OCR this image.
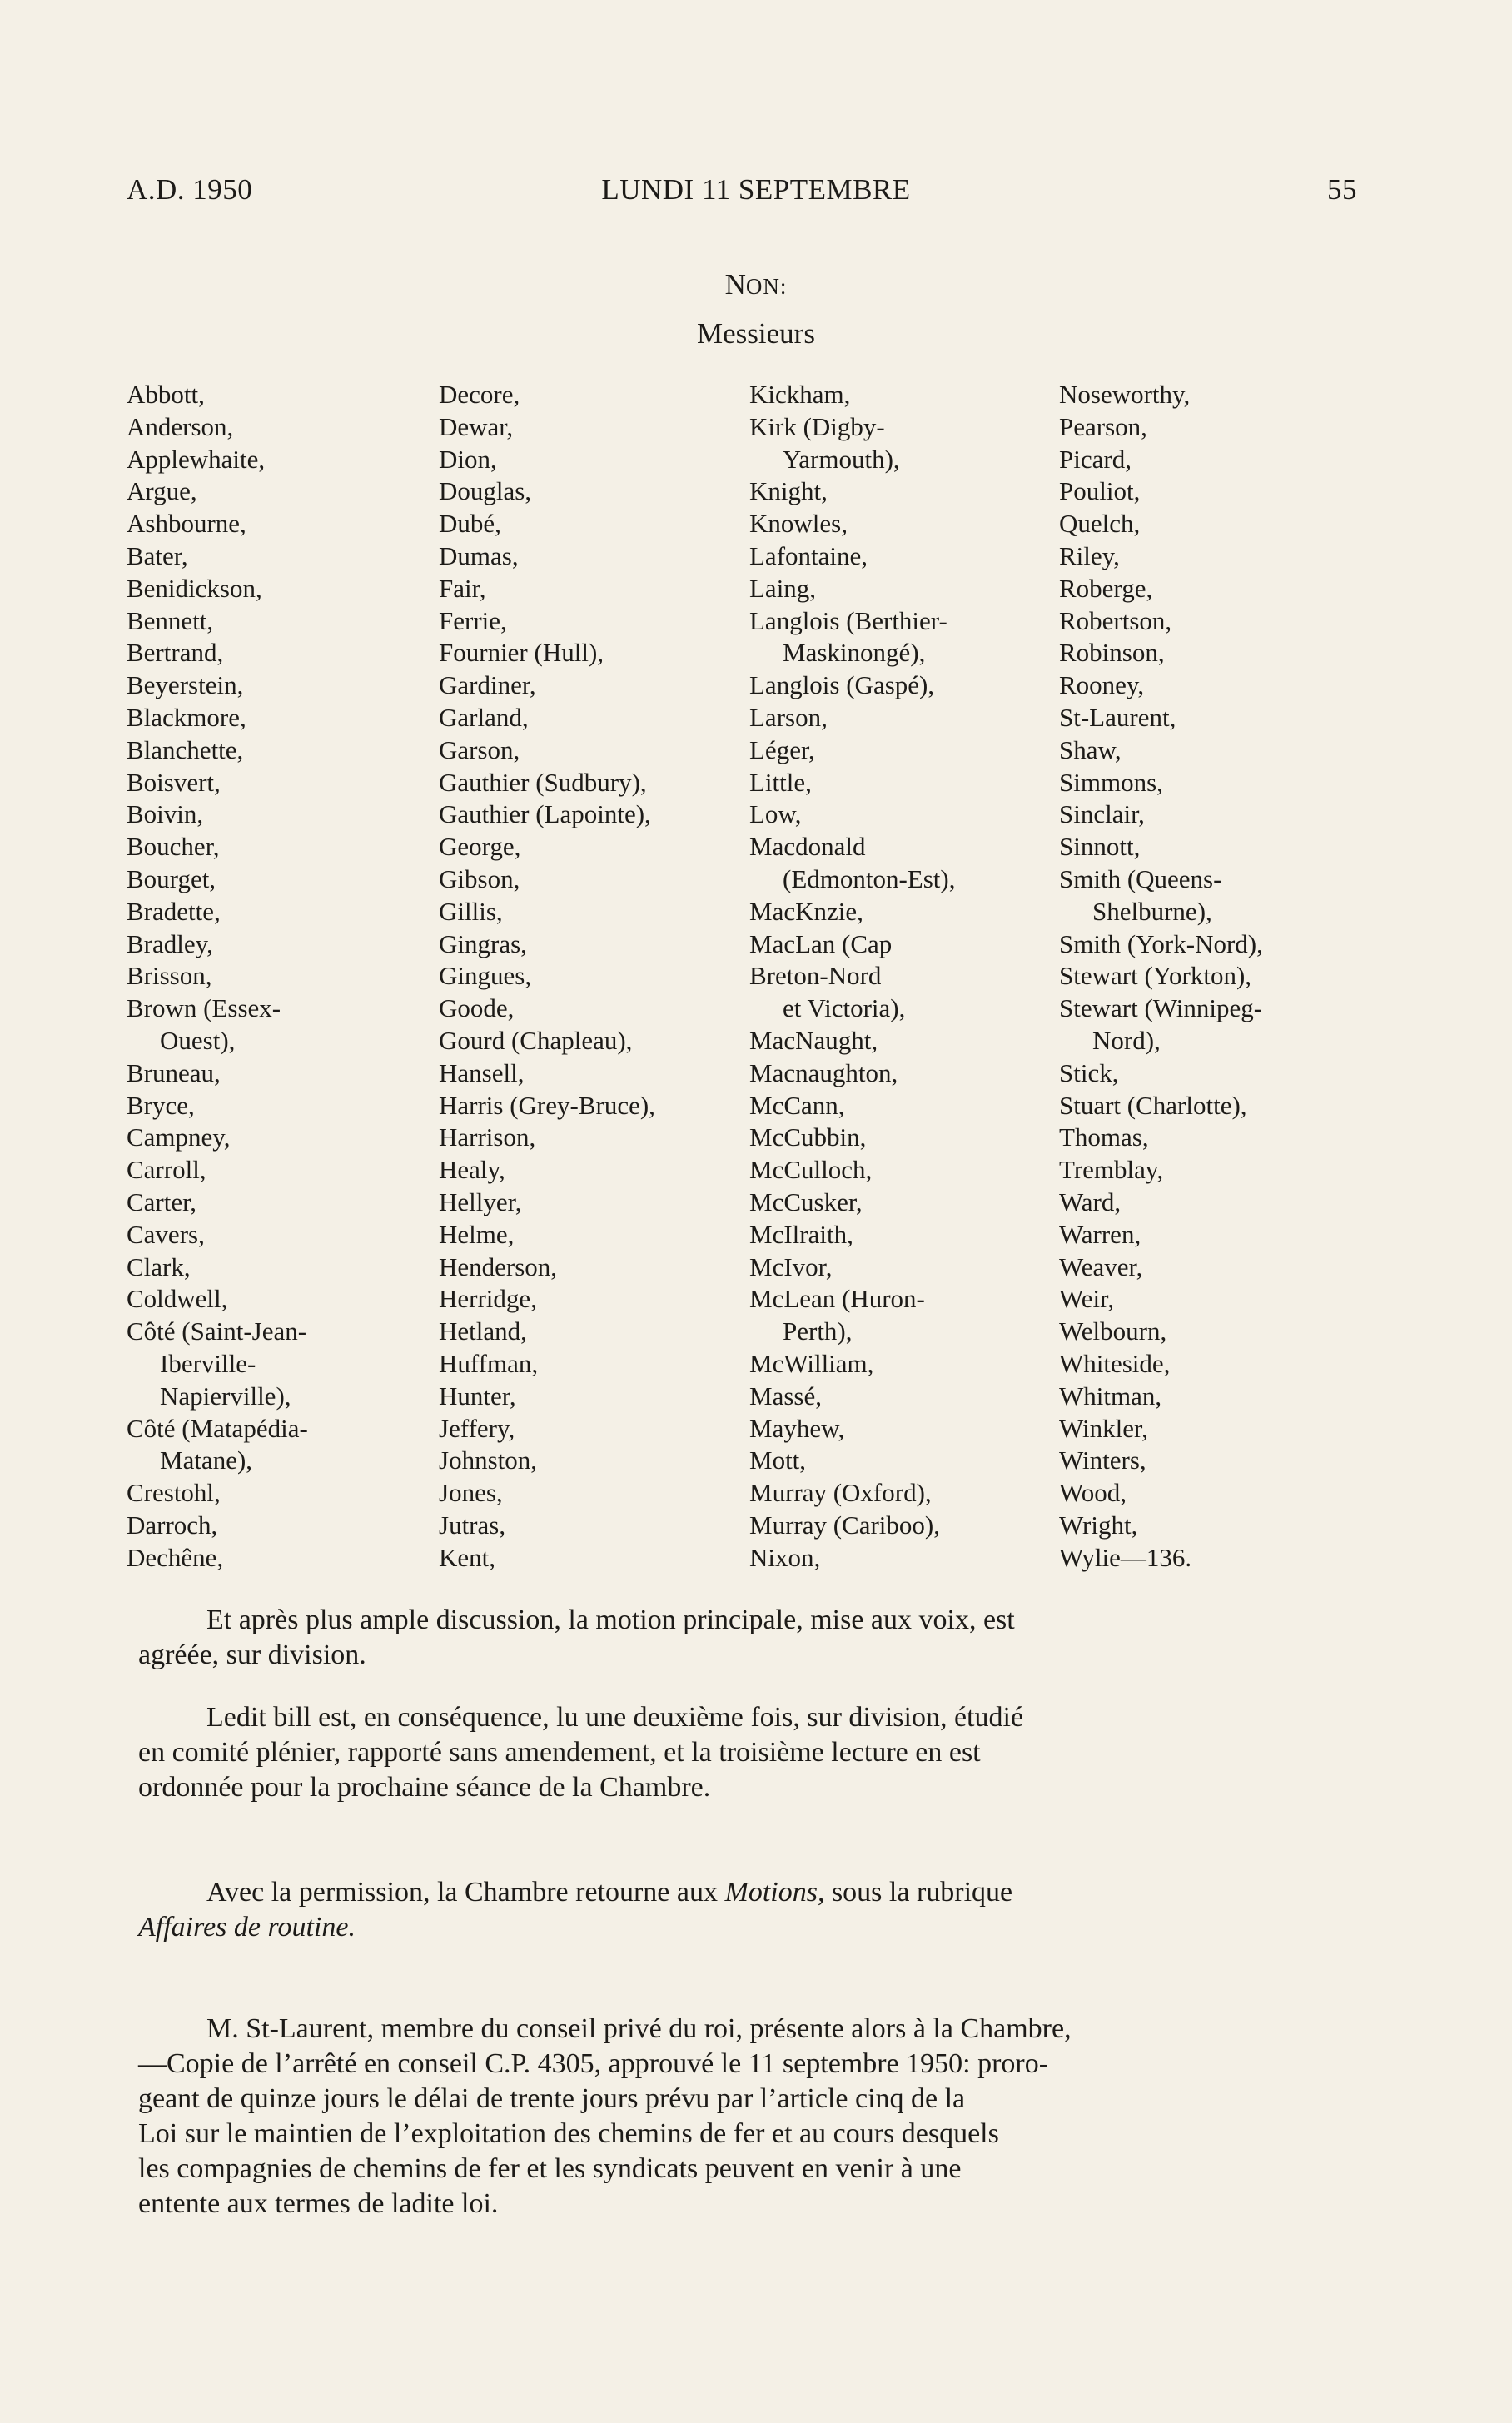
A.D. 1950	LUNDI 11 SEPTEMBRE	55
NON:
Messieurs
Abbott,
Anderson,
Applewhaite,
Argue,
Ashbourne,
Bater,
Benidickson,
Bennett,
Bertrand,
Beyerstein,
Blackmore,
Blanchette,
Boisvert,
Boivin,
Boucher,
Bourget,
Bradette,
Bradley,
Brisson,
Brown (Essex-
Ouest),
Bruneau,
Bryce,
Campney,
Carroll,
Carter,
Cavers,
Clark,
Coldwell,
Côté (Saint-Jean-
Iberville-
Napierville),
Côté (Matapédia-
Matane),
Crestohl,
Darroch,
Dechêne,
Decore,
Dewar,
Dion,
Douglas,
Dubé,
Dumas,
Fair,
Ferrie,
Fournier (Hull),
Gardiner,
Garland,
Garson,
Gauthier (Sudbury),
Gauthier (Lapointe),
George,
Gibson,
Gillis,
Gingras,
Gingues,
Goode,
Gourd (Chapleau),
Hansell,
Harris (Grey-Bruce),
Harrison,
Healy,
Hellyer,
Helme,
Henderson,
Herridge,
Hetland,
Huffman,
Hunter,
Jeffery,
Johnston,
Jones,
Jutras,
Kent,
Kickham,
Kirk (Digby-
Yarmouth),
Knight,
Knowles,
Lafontaine,
Laing,
Langlois (Berthier-
Maskinongé),
Langlois (Gaspé),
Larson,
Léger,
Little,
Low,
Macdonald
(Edmonton-Est),
MacKnzie,
MacLan (Cap
Breton-Nord
et Victoria),
MacNaught,
Macnaughton,
McCann,
McCubbin,
McCulloch,
McCusker,
McIlraith,
McIvor,
McLean (Huron-
Perth),
McWilliam,
Massé,
Mayhew,
Mott,
Murray (Oxford),
Murray (Cariboo),
Nixon,
Noseworthy,
Pearson,
Picard,
Pouliot,
Quelch,
Riley,
Roberge,
Robertson,
Robinson,
Rooney,
St-Laurent,
Shaw,
Simmons,
Sinclair,
Sinnott,
Smith (Queens-
Shelburne),
Smith (York-Nord),
Stewart (Yorkton),
Stewart (Winnipeg-
Nord),
Stick,
Stuart (Charlotte),
Thomas,
Tremblay,
Ward,
Warren,
Weaver,
Weir,
Welbourn,
Whiteside,
Whitman,
Winkler,
Winters,
Wood,
Wright,
Wylie—136.
Et après plus ample discussion, la motion principale, mise aux voix, est
agréée, sur division.
Ledit bill est, en conséquence, lu une deuxième fois, sur division, étudié
en comité plénier, rapporté sans amendement, et la troisième lecture en est
ordonnée pour la prochaine séance de la Chambre.
Avec la permission, la Chambre retourne aux Motions, sous la rubrique
Affaires de routine.
M. St-Laurent, membre du conseil privé du roi, présente alors à la Chambre,
—Copie de l’arrêté en conseil C.P. 4305, approuvé le 11 septembre 1950: proro-
geant de quinze jours le délai de trente jours prévu par l’article cinq de la
Loi sur le maintien de l’exploitation des chemins de fer et au cours desquels
les compagnies de chemins de fer et les syndicats peuvent en venir à une
entente aux termes de ladite loi.
